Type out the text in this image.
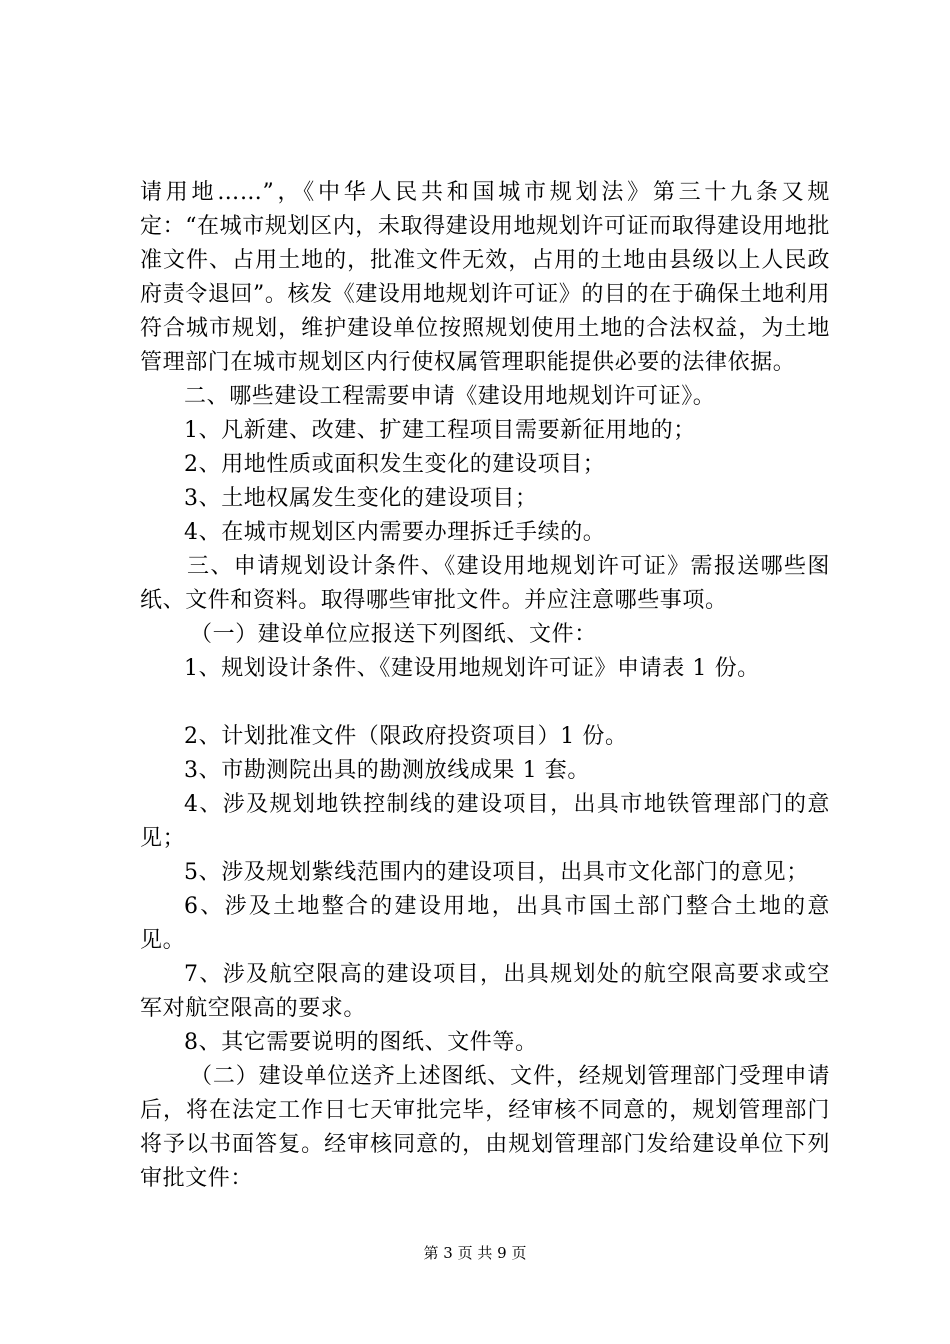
请用地……”，《中华人民共和国城市规划法》第三十九条又规定：“在城市规划区内，未取得建设用地规划许可证而取得建设用地批准文件、占用土地的，批准文件无效，占用的土地由县级以上人民政府责令退回”。核发《建设用地规划许可证》的目的在于确保土地利用符合城市规划，维护建设单位按照规划使用土地的合法权益，为土地管理部门在城市规划区内行使权属管理职能提供必要的法律依据。

二、哪些建设工程需要申请《建设用地规划许可证》。

1、凡新建、改建、扩建工程项目需要新征用地的；

2、用地性质或面积发生变化的建设项目；

3、土地权属发生变化的建设项目；

4、在城市规划区内需要办理拆迁手续的。

三、申请规划设计条件、《建设用地规划许可证》需报送哪些图纸、文件和资料。取得哪些审批文件。并应注意哪些事项。

（一）建设单位应报送下列图纸、文件：

1、规划设计条件、《建设用地规划许可证》申请表 1 份。

2、计划批准文件（限政府投资项目）1 份。

3、市勘测院出具的勘测放线成果 1 套。

4、涉及规划地铁控制线的建设项目，出具市地铁管理部门的意见；

5、涉及规划紫线范围内的建设项目，出具市文化部门的意见；

6、涉及土地整合的建设用地，出具市国土部门整合土地的意见。

7、涉及航空限高的建设项目，出具规划处的航空限高要求或空军对航空限高的要求。

8、其它需要说明的图纸、文件等。

（二）建设单位送齐上述图纸、文件，经规划管理部门受理申请后，将在法定工作日七天审批完毕，经审核不同意的，规划管理部门将予以书面答复。经审核同意的，由规划管理部门发给建设单位下列审批文件：

第 3 页 共 9 页
